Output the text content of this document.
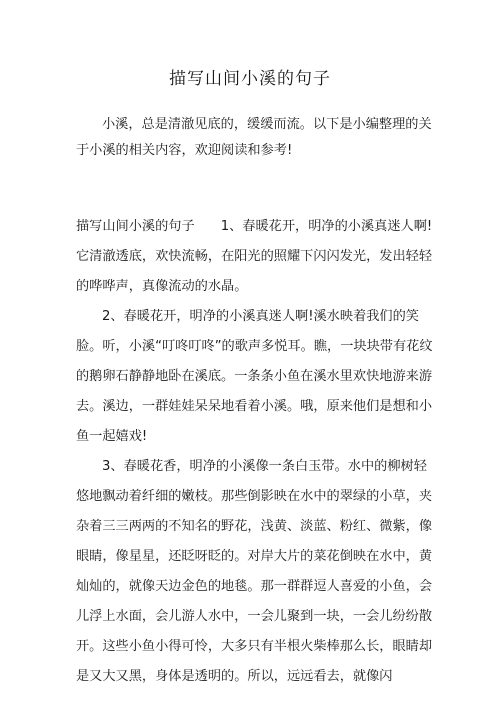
描写山间小溪的句子

小溪，总是清澈见底的，缓缓而流。以下是小编整理的关于小溪的相关内容，欢迎阅读和参考!

描写山间小溪的句子 1、春暖花开，明净的小溪真迷人啊!它清澈透底，欢快流畅，在阳光的照耀下闪闪发光，发出轻轻的哗哗声，真像流动的水晶。

2、春暖花开，明净的小溪真迷人啊!溪水映着我们的笑脸。听，小溪“叮咚叮咚”的歌声多悦耳。瞧，一块块带有花纹的鹅卵石静静地卧在溪底。一条条小鱼在溪水里欢快地游来游去。溪边，一群娃娃呆呆地看着小溪。哦，原来他们是想和小鱼一起嬉戏!

3、春暖花香，明净的小溪像一条白玉带。水中的柳树轻悠地飘动着纤细的嫩枝。那些倒影映在水中的翠绿的小草，夹杂着三三两两的不知名的野花，浅黄、淡蓝、粉红、微紫，像眼睛，像星星，还眨呀眨的。对岸大片的菜花倒映在水中，黄灿灿的，就像天边金色的地毯。那一群群逗人喜爱的小鱼，会儿浮上水面，会儿游人水中，一会儿聚到一块，一会儿纷纷散开。这些小鱼小得可怜，大多只有半根火柴棒那么长，眼睛却是又大又黑，身体是透明的。所以，远远看去，就像闪
